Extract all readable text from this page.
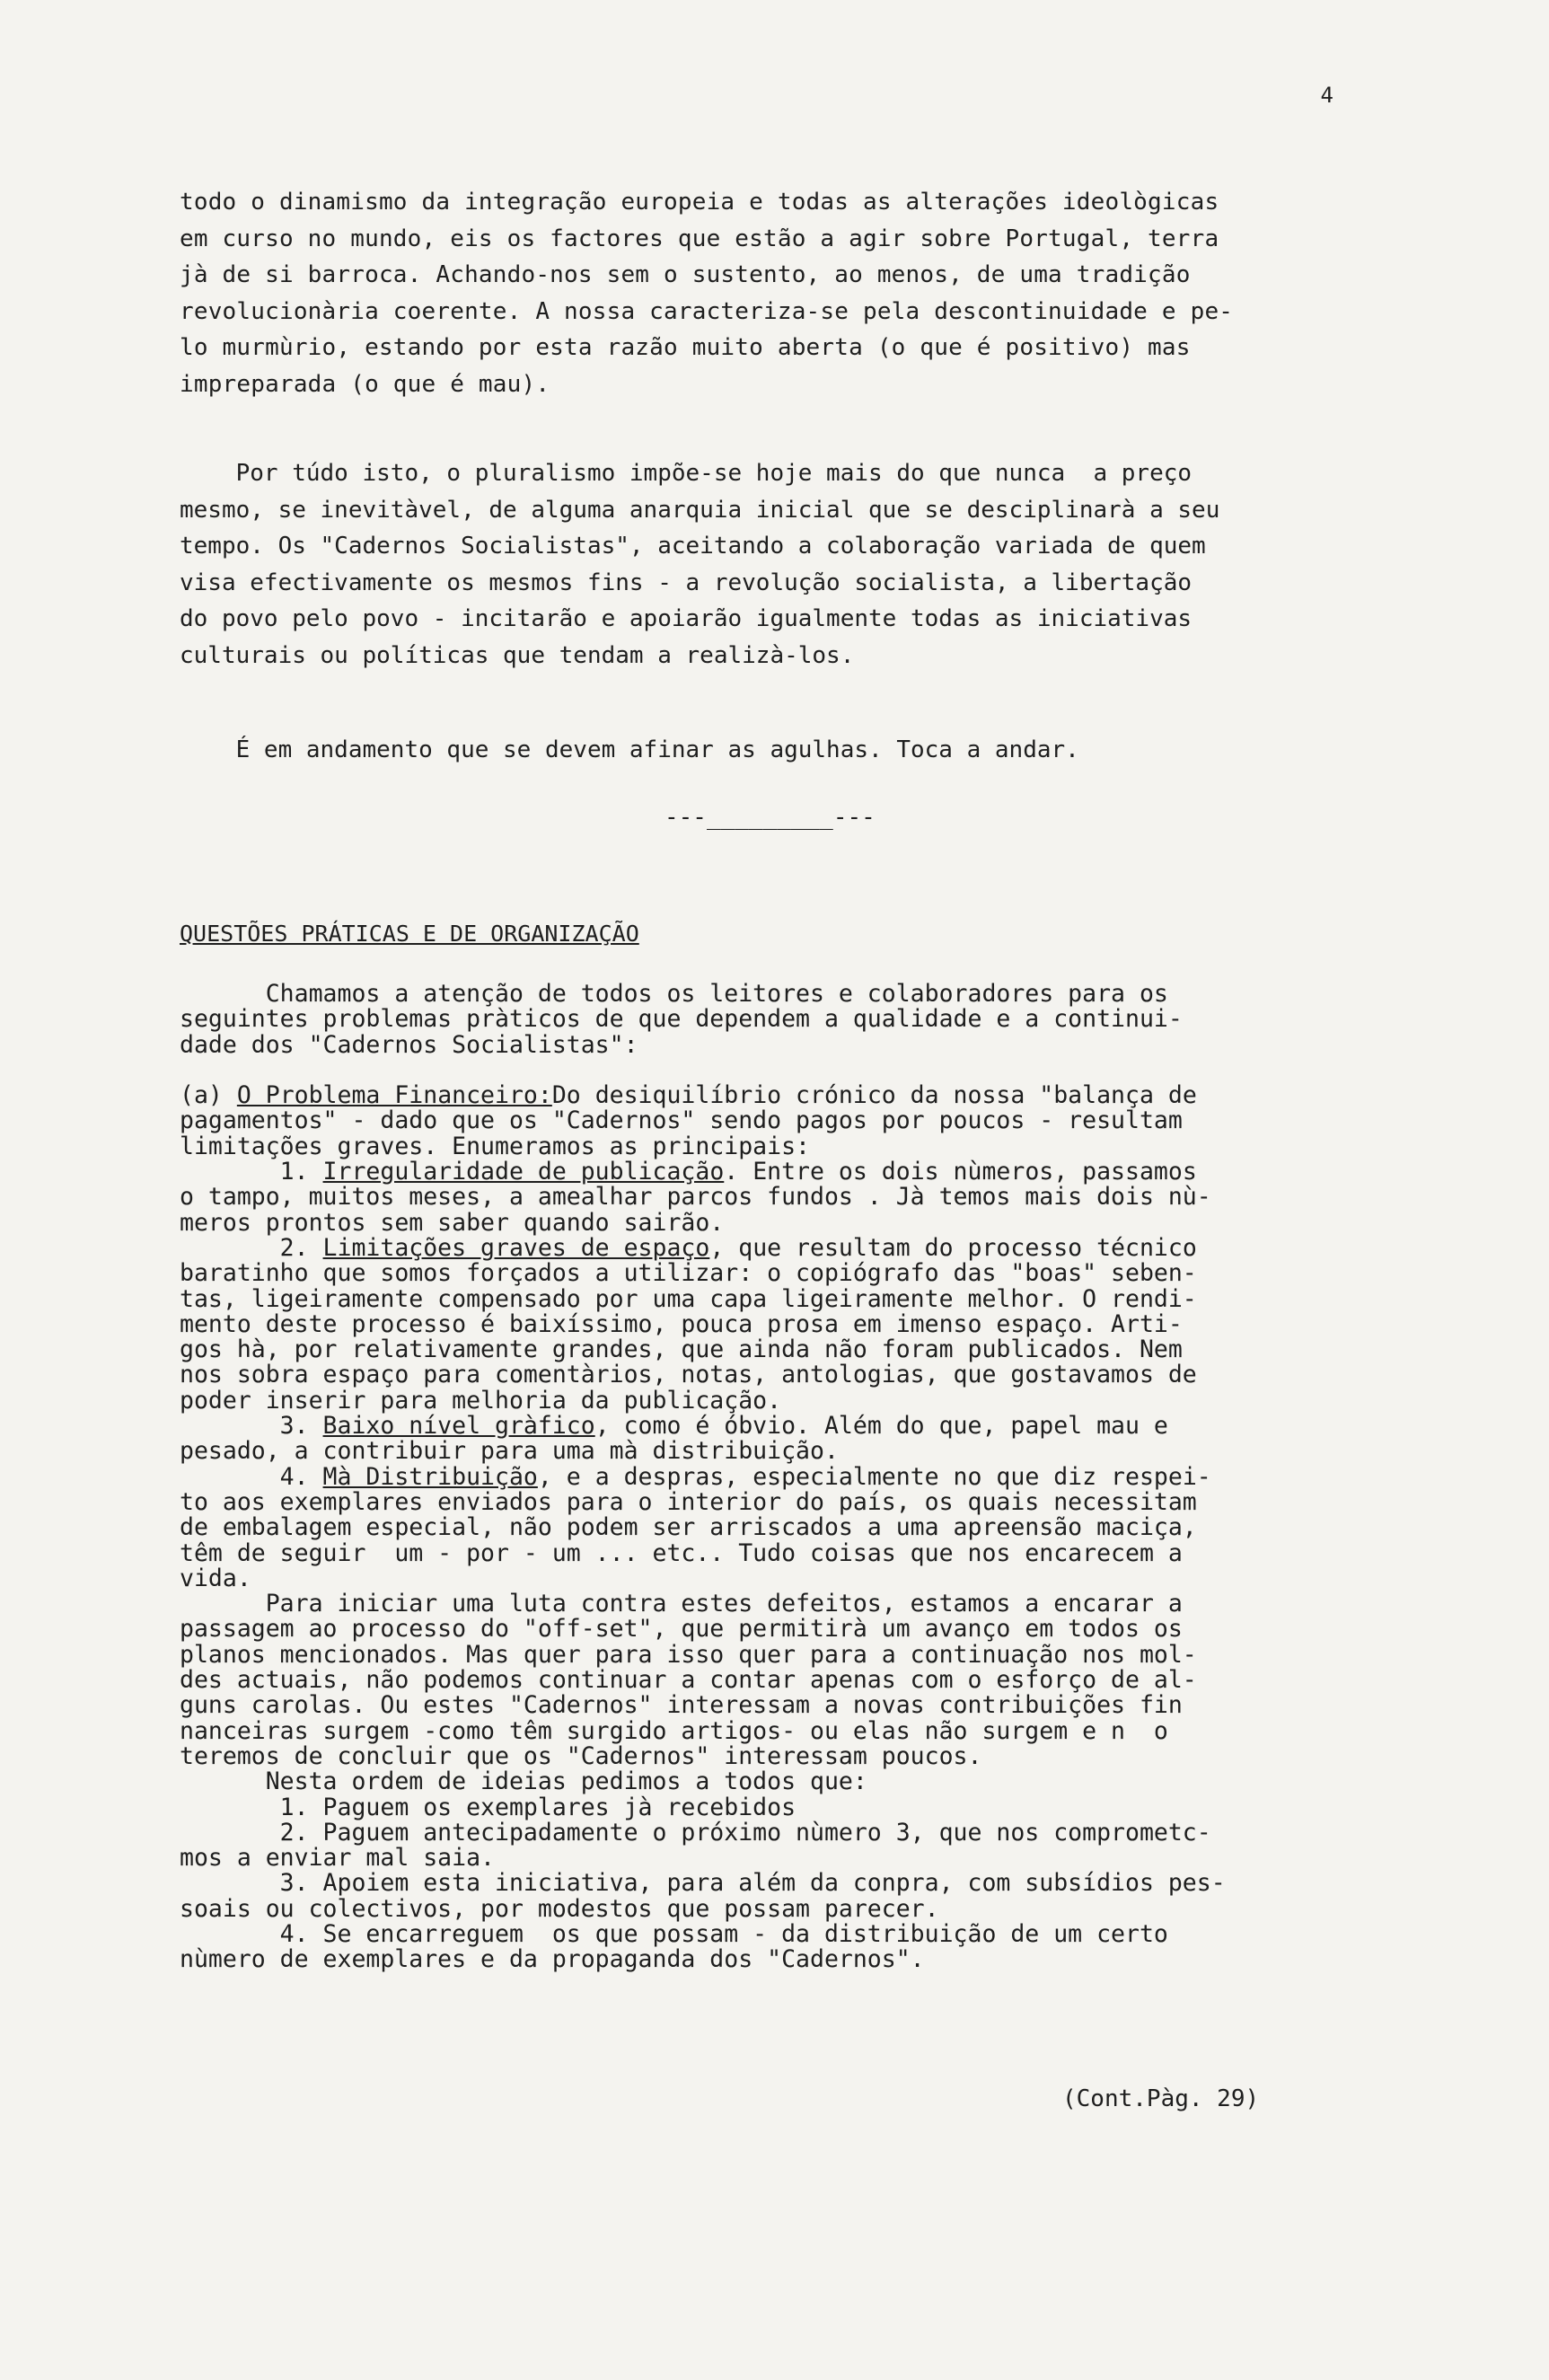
4
todo o dinamismo da integração europeia e todas as alterações ideològicas
em curso no mundo, eis os factores que estão a agir sobre Portugal, terra
jà de si barroca. Achando-nos sem o sustento, ao menos, de uma tradição
revolucionària coerente. A nossa caracteriza-se pela descontinuidade e pe-
lo murmùrio, estando por esta razão muito aberta (o que é positivo) mas
impreparada (o que é mau).
Por túdo isto, o pluralismo impõe-se hoje mais do que nunca  a preço
mesmo, se inevitàvel, de alguma anarquia inicial que se desciplinarà a seu
tempo. Os "Cadernos Socialistas", aceitando a colaboração variada de quem
visa efectivamente os mesmos fins - a revolução socialista, a libertação
do povo pelo povo - incitarão e apoiarão igualmente todas as iniciativas
culturais ou políticas que tendam a realizà-los.
É em andamento que se devem afinar as agulhas. Toca a andar.
---_________---
QUESTÕES PRÁTICAS E DE ORGANIZAÇÃO
Chamamos a atenção de todos os leitores e colaboradores para os
seguintes problemas pràticos de que dependem a qualidade e a continui-
dade dos "Cadernos Socialistas":

(a) O Problema Financeiro:Do desiquilíbrio crónico da nossa "balança de
pagamentos" - dado que os "Cadernos" sendo pagos por poucos - resultam
limitações graves. Enumeramos as principais:
1. Irregularidade de publicação. Entre os dois nùmeros, passamos
o tampo, muitos meses, a amealhar parcos fundos . Jà temos mais dois nù-
meros prontos sem saber quando sairão.
2. Limitações graves de espaço, que resultam do processo técnico
baratinho que somos forçados a utilizar: o copiógrafo das "boas" seben-
tas, ligeiramente compensado por uma capa ligeiramente melhor. O rendi-
mento deste processo é baixíssimo, pouca prosa em imenso espaço. Arti-
gos hà, por relativamente grandes, que ainda não foram publicados. Nem
nos sobra espaço para comentàrios, notas, antologias, que gostavamos de
poder inserir para melhoria da publicação.
3. Baixo nível gràfico, como é óbvio. Além do que, papel mau e
pesado, a contribuir para uma mà distribuição.
4. Mà Distribuição, e a despras, especialmente no que diz respei-
to aos exemplares enviados para o interior do país, os quais necessitam
de embalagem especial, não podem ser arriscados a uma apreensão maciça,
têm de seguir  um - por - um ... etc.. Tudo coisas que nos encarecem a
vida.
Para iniciar uma luta contra estes defeitos, estamos a encarar a
passagem ao processo do "off-set", que permitirà um avanço em todos os
planos mencionados. Mas quer para isso quer para a continuação nos mol-
des actuais, não podemos continuar a contar apenas com o esforço de al-
guns carolas. Ou estes "Cadernos" interessam a novas contribuições fin
nanceiras surgem -como têm surgido artigos- ou elas não surgem e n  o
teremos de concluir que os "Cadernos" interessam poucos.
Nesta ordem de ideias pedimos a todos que:
1. Paguem os exemplares jà recebidos
2. Paguem antecipadamente o próximo nùmero 3, que nos comprometc-
mos a enviar mal saia.
3. Apoiem esta iniciativa, para além da conpra, com subsídios pes-
soais ou colectivos, por modestos que possam parecer.
4. Se encarreguem  os que possam - da distribuição de um certo
nùmero de exemplares e da propaganda dos "Cadernos".
(Cont.Pàg. 29)
